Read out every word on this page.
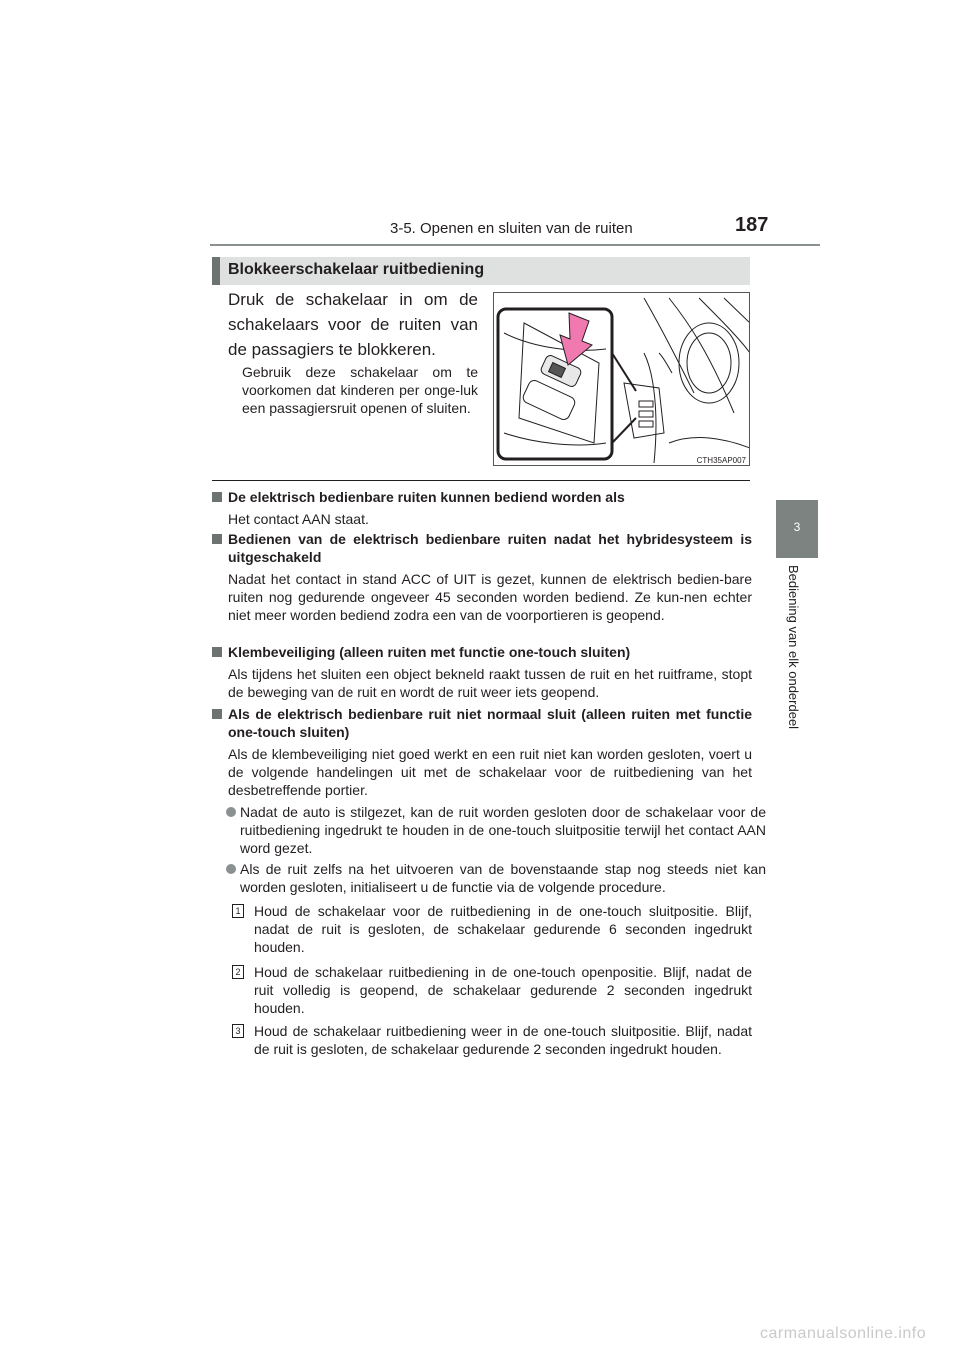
3-5. Openen en sluiten van de ruiten	187
3
Bediening van elk onderdeel
Blokkeerschakelaar ruitbediening
Druk de schakelaar in om de schakelaars voor de ruiten van de passagiers te blokkeren.
Gebruik deze schakelaar om te voorkomen dat kinderen per onge-luk een passagiersruit openen of sluiten.
CTH35AP007
De elektrisch bedienbare ruiten kunnen bediend worden als
Het contact AAN staat.
Bedienen van de elektrisch bedienbare ruiten nadat het hybridesysteem is uitgeschakeld
Nadat het contact in stand ACC of UIT is gezet, kunnen de elektrisch bedien-bare ruiten nog gedurende ongeveer 45 seconden worden bediend. Ze kun-nen echter niet meer worden bediend zodra een van de voorportieren is geopend.
Klembeveiliging (alleen ruiten met functie one-touch sluiten)
Als tijdens het sluiten een object bekneld raakt tussen de ruit en het ruitframe, stopt de beweging van de ruit en wordt de ruit weer iets geopend.
Als de elektrisch bedienbare ruit niet normaal sluit (alleen ruiten met functie one-touch sluiten)
Als de klembeveiliging niet goed werkt en een ruit niet kan worden gesloten, voert u de volgende handelingen uit met de schakelaar voor de ruitbediening van het desbetreffende portier.
Nadat de auto is stilgezet, kan de ruit worden gesloten door de schakelaar voor de ruitbediening ingedrukt te houden in de one-touch sluitpositie terwijl het contact AAN word gezet.
Als de ruit zelfs na het uitvoeren van de bovenstaande stap nog steeds niet kan worden gesloten, initialiseert u de functie via de volgende procedure.
1 Houd de schakelaar voor de ruitbediening in de one-touch sluitpositie. Blijf, nadat de ruit is gesloten, de schakelaar gedurende 6 seconden ingedrukt houden.
2 Houd de schakelaar ruitbediening in de one-touch openpositie. Blijf, nadat de ruit volledig is geopend, de schakelaar gedurende 2 seconden ingedrukt houden.
3 Houd de schakelaar ruitbediening weer in de one-touch sluitpositie. Blijf, nadat de ruit is gesloten, de schakelaar gedurende 2 seconden ingedrukt houden.
carmanualsonline.info
